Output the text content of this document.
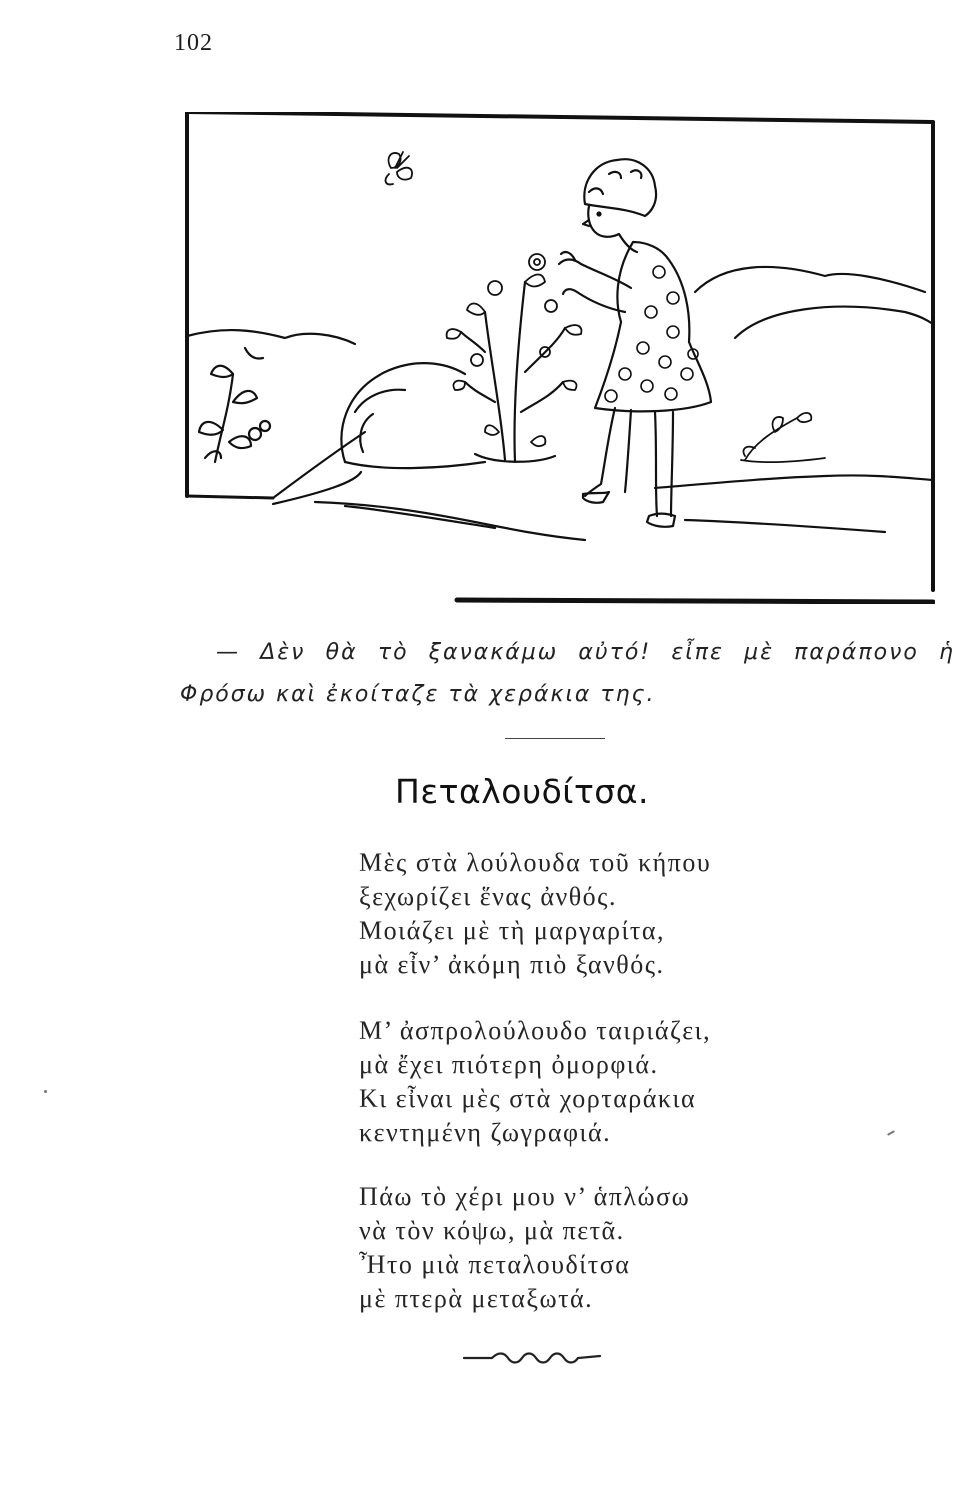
102

— Δὲν θὰ τὸ ξανακάμω αὐτό! εἶπε μὲ παράπονο ἡ

Φρόσω καὶ ἐκοίταζε τὰ χεράκια της.

Πεταλουδίτσα.
Μὲς στὰ λούλουδα τοῦ κήπου
ξεχωρίζει ἕνας ἀνθός.
Μοιάζει μὲ τὴ μαργαρίτα,
μὰ εἶν’ ἀκόμη πιὸ ξανθός.
Μ’ ἀσπρολούλουδο ταιριάζει,
μὰ ἔχει πιότερη ὀμορφιά.
Κι εἶναι μὲς στὰ χορταράκια
κεντημένη ζωγραφιά.
Πάω τὸ χέρι μου ν’ ἁπλώσω
νὰ τὸν κόψω, μὰ πετᾶ.
Ἦτο μιὰ πεταλουδίτσα
μὲ πτερὰ μεταξωτά.
